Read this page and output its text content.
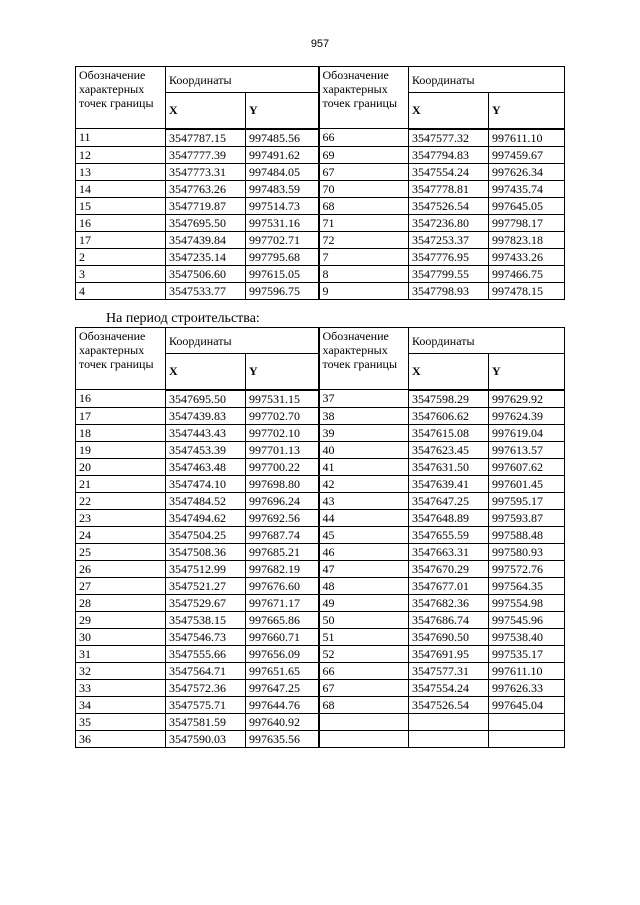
957
Обозначение характерных точек границы	Координаты		Обозначение характерных точек границы	Координаты	
	X	Y		X	Y
11	3547787.15	997485.56	66	3547577.32	997611.10
12	3547777.39	997491.62	69	3547794.83	997459.67
13	3547773.31	997484.05	67	3547554.24	997626.34
14	3547763.26	997483.59	70	3547778.81	997435.74
15	3547719.87	997514.73	68	3547526.54	997645.05
16	3547695.50	997531.16	71	3547236.80	997798.17
17	3547439.84	997702.71	72	3547253.37	997823.18
2	3547235.14	997795.68	7	3547776.95	997433.26
3	3547506.60	997615.05	8	3547799.55	997466.75
4	3547533.77	997596.75	9	3547798.93	997478.15
На период строительства:
Обозначение характерных точек границы	Координаты		Обозначение характерных точек границы	Координаты	
	X	Y		X	Y
16	3547695.50	997531.15	37	3547598.29	997629.92
17	3547439.83	997702.70	38	3547606.62	997624.39
18	3547443.43	997702.10	39	3547615.08	997619.04
19	3547453.39	997701.13	40	3547623.45	997613.57
20	3547463.48	997700.22	41	3547631.50	997607.62
21	3547474.10	997698.80	42	3547639.41	997601.45
22	3547484.52	997696.24	43	3547647.25	997595.17
23	3547494.62	997692.56	44	3547648.89	997593.87
24	3547504.25	997687.74	45	3547655.59	997588.48
25	3547508.36	997685.21	46	3547663.31	997580.93
26	3547512.99	997682.19	47	3547670.29	997572.76
27	3547521.27	997676.60	48	3547677.01	997564.35
28	3547529.67	997671.17	49	3547682.36	997554.98
29	3547538.15	997665.86	50	3547686.74	997545.96
30	3547546.73	997660.71	51	3547690.50	997538.40
31	3547555.66	997656.09	52	3547691.95	997535.17
32	3547564.71	997651.65	66	3547577.31	997611.10
33	3547572.36	997647.25	67	3547554.24	997626.33
34	3547575.71	997644.76	68	3547526.54	997645.04
35	3547581.59	997640.92			
36	3547590.03	997635.56			
